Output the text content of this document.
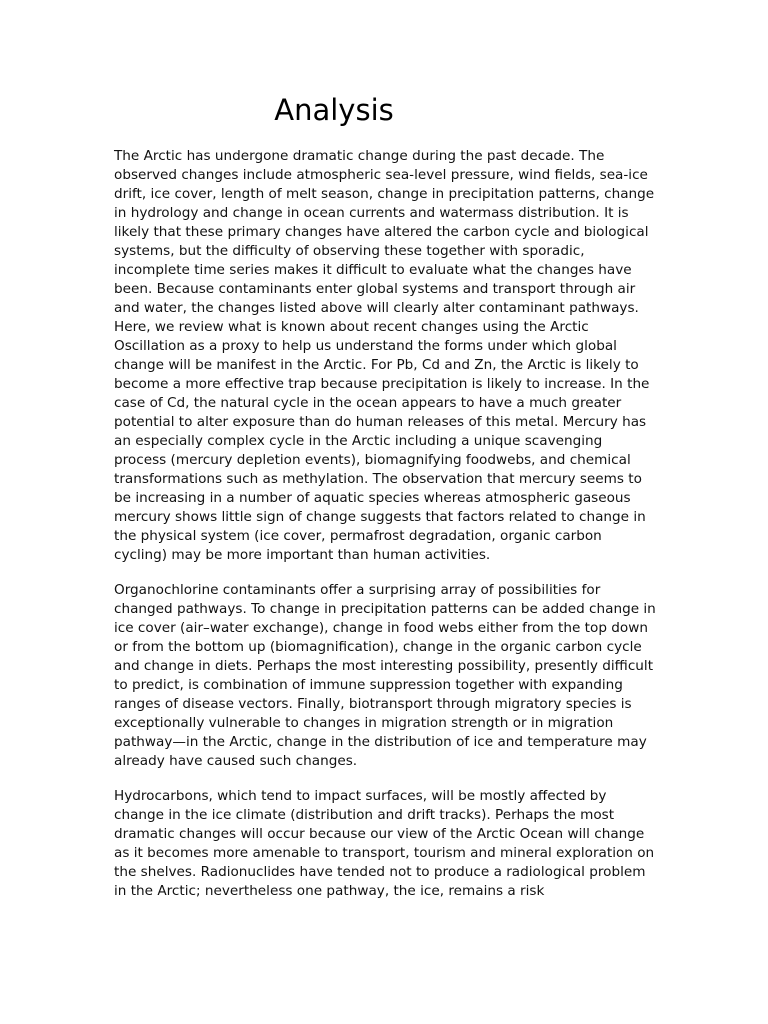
Analysis

The Arctic has undergone dramatic change during the past decade. The observed changes include atmospheric sea-level pressure, wind fields, sea-ice drift, ice cover, length of melt season, change in precipitation patterns, change in hydrology and change in ocean currents and watermass distribution. It is likely that these primary changes have altered the carbon cycle and biological systems, but the difficulty of observing these together with sporadic, incomplete time series makes it difficult to evaluate what the changes have been. Because contaminants enter global systems and transport through air and water, the changes listed above will clearly alter contaminant pathways. Here, we review what is known about recent changes using the Arctic Oscillation as a proxy to help us understand the forms under which global change will be manifest in the Arctic. For Pb, Cd and Zn, the Arctic is likely to become a more effective trap because precipitation is likely to increase. In the case of Cd, the natural cycle in the ocean appears to have a much greater potential to alter exposure than do human releases of this metal. Mercury has an especially complex cycle in the Arctic including a unique scavenging process (mercury depletion events), biomagnifying foodwebs, and chemical transformations such as methylation. The observation that mercury seems to be increasing in a number of aquatic species whereas atmospheric gaseous mercury shows little sign of change suggests that factors related to change in the physical system (ice cover, permafrost degradation, organic carbon cycling) may be more important than human activities.

Organochlorine contaminants offer a surprising array of possibilities for changed pathways. To change in precipitation patterns can be added change in ice cover (air–water exchange), change in food webs either from the top down or from the bottom up (biomagnification), change in the organic carbon cycle and change in diets. Perhaps the most interesting possibility, presently difficult to predict, is combination of immune suppression together with expanding ranges of disease vectors. Finally, biotransport through migratory species is exceptionally vulnerable to changes in migration strength or in migration pathway—in the Arctic, change in the distribution of ice and temperature may already have caused such changes.

Hydrocarbons, which tend to impact surfaces, will be mostly affected by change in the ice climate (distribution and drift tracks). Perhaps the most dramatic changes will occur because our view of the Arctic Ocean will change as it becomes more amenable to transport, tourism and mineral exploration on the shelves. Radionuclides have tended not to produce a radiological problem in the Arctic; nevertheless one pathway, the ice, remains a risk
